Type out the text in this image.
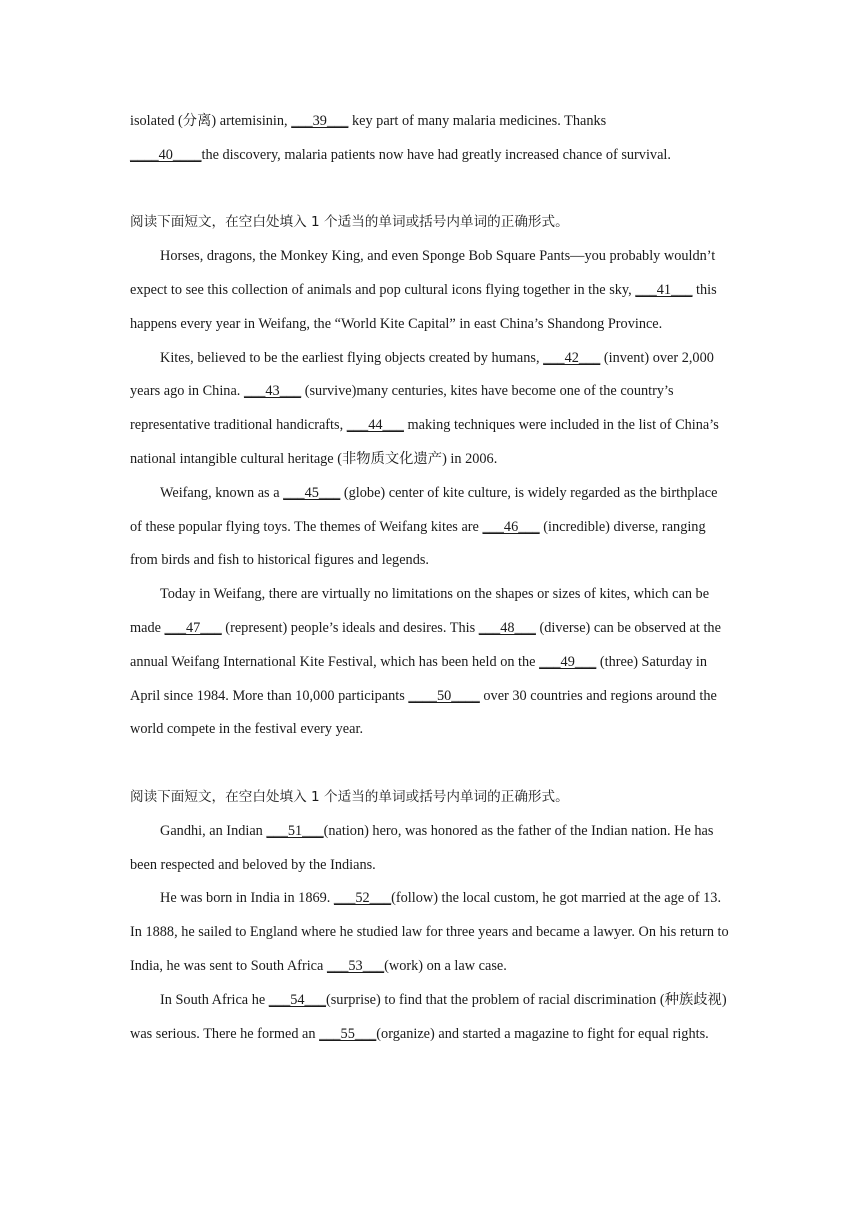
isolated (分离) artemisinin, ___39___ key part of many malaria medicines. Thanks

____40____the discovery, malaria patients now have had greatly increased chance of survival.

阅读下面短文，在空白处填入 1 个适当的单词或括号内单词的正确形式。

Horses, dragons, the Monkey King, and even Sponge Bob Square Pants—you probably wouldn’t expect to see this collection of animals and pop cultural icons flying together in the sky, ___41___ this happens every year in Weifang, the “World Kite Capital” in east China’s Shandong Province.

Kites, believed to be the earliest flying objects created by humans, ___42___ (invent) over 2,000 years ago in China. ___43___ (survive)many centuries, kites have become one of the country’s representative traditional handicrafts, ___44___ making techniques were included in the list of China’s national intangible cultural heritage (非物质文化遗产) in 2006.

Weifang, known as a ___45___ (globe) center of kite culture, is widely regarded as the birthplace of these popular flying toys. The themes of Weifang kites are ___46___ (incredible) diverse, ranging from birds and fish to historical figures and legends.

Today in Weifang, there are virtually no limitations on the shapes or sizes of kites, which can be made ___47___ (represent) people’s ideals and desires. This ___48___ (diverse) can be observed at the annual Weifang International Kite Festival, which has been held on the ___49___ (three) Saturday in April since 1984. More than 10,000 participants ____50____ over 30 countries and regions around the world compete in the festival every year.

阅读下面短文，在空白处填入 1 个适当的单词或括号内单词的正确形式。

Gandhi, an Indian ___51___(nation) hero, was honored as the father of the Indian nation. He has been respected and beloved by the Indians.

He was born in India in 1869. ___52___(follow) the local custom, he got married at the age of 13. In 1888, he sailed to England where he studied law for three years and became a lawyer. On his return to India, he was sent to South Africa ___53___(work) on a law case.

In South Africa he ___54___(surprise) to find that the problem of racial discrimination (种族歧视) was serious. There he formed an ___55___(organize) and started a magazine to fight for equal rights.
